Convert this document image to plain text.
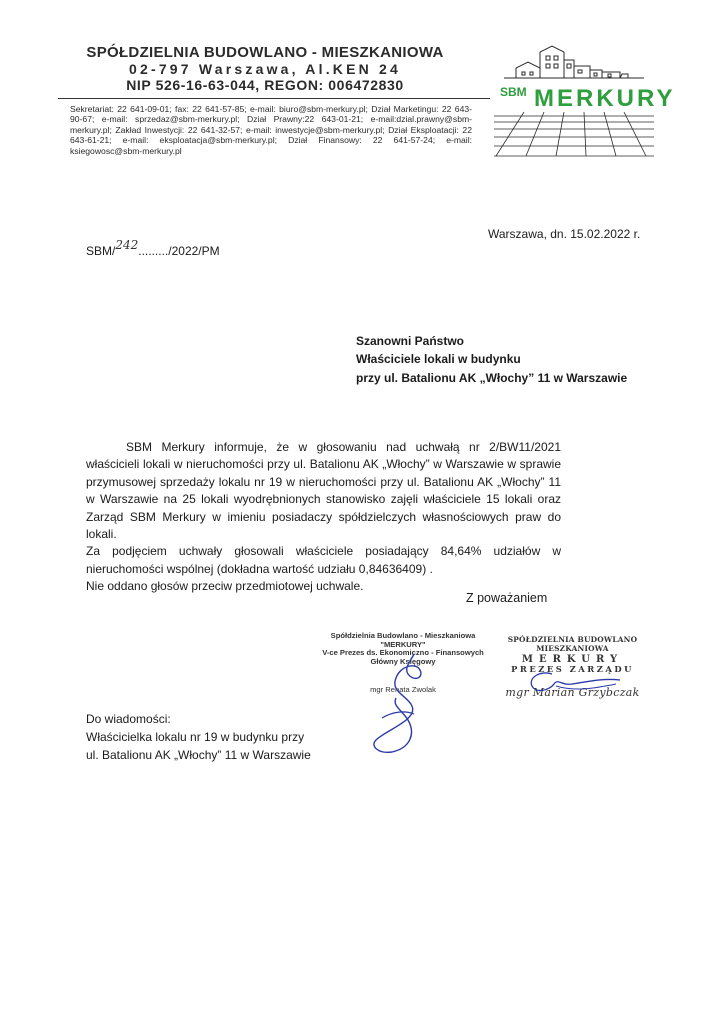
SPÓŁDZIELNIA BUDOWLANO - MIESZKANIOWA
02-797 Warszawa, Al.KEN 24
NIP 526-16-63-044, REGON: 006472830
Sekretariat: 22 641-09-01; fax: 22 641-57-85; e-mail: biuro@sbm-merkury.pl; Dział Marketingu: 22 643-90-67; e-mail: sprzedaz@sbm-merkury.pl; Dział Prawny:22 643-01-21; e-mail:dzial.prawny@sbm-merkury.pl; Zakład Inwestycji: 22 641-32-57; e-mail: inwestycje@sbm-merkury.pl; Dział Eksploatacji: 22 643-61-21; e-mail: eksploatacja@sbm-merkury.pl; Dział Finansowy: 22 641-57-24; e-mail: ksiegowosc@sbm-merkury.pl
SBM MERKURY
Warszawa, dn. 15.02.2022 r.
SBM/242........./2022/PM
Szanowni Państwo
Właściciele lokali w budynku
przy ul. Batalionu AK „Włochy” 11 w Warszawie

SBM Merkury informuje, że w głosowaniu nad uchwałą nr 2/BW11/2021 właścicieli lokali w nieruchomości przy ul. Batalionu AK „Włochy” w Warszawie w sprawie przymusowej sprzedaży lokalu nr 19 w nieruchomości przy ul. Batalionu AK „Włochy” 11 w Warszawie na 25 lokali wyodrębnionych stanowisko zajęli właściciele 15 lokali oraz Zarząd SBM Merkury w imieniu posiadaczy spółdzielczych własnościowych praw do lokali.

Za podjęciem uchwały głosowali właściciele posiadający 84,64% udziałów w nieruchomości wspólnej (dokładna wartość udziału 0,84636409) .

Nie oddano głosów przeciw przedmiotowej uchwale.

Z poważaniem
Spółdzielnia Budowlano - Mieszkaniowa
"MERKURY"
V-ce Prezes ds. Ekonomiczno - Finansowych
Główny Księgowy
mgr Renata Zwolak
SPÓŁDZIELNIA BUDOWLANO MIESZKANIOWA
MERKURY
PREZES ZARZĄDU
mgr Marian Grzybczak
Do wiadomości:
Właścicielka lokalu nr 19 w budynku przy
ul. Batalionu AK „Włochy” 11 w Warszawie
